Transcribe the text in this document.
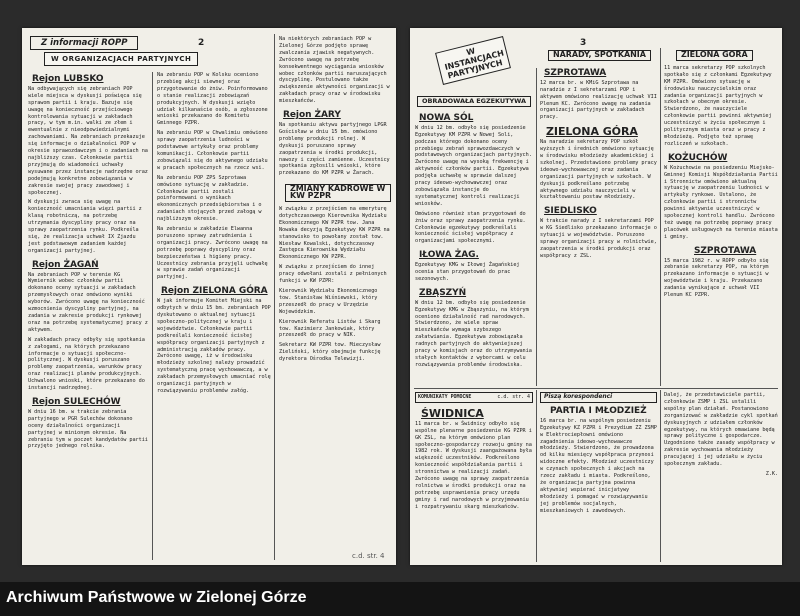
Z informacji ROPP	2
W ORGANIZACJACH PARTYJNYCH
Rejon LUBSKO

Na odbywających się zebraniach POP wiele miejsca w dyskusji poświęca się sprawom partii i kraju. Bazuje się uwagę na konieczność przejściowego kontrolowania sytuacji w zakładach pracy, w tym m.in. walki ze złem i ewentualnie z nieodpowiedzialnymi zachowaniami. Na zebraniach przekazuje się informacje o działalności POP w okresie sprawozdawczym i o zadaniach na najbliższy czas. Członkowie partii przyjmują do wiadomości uchwały wysuwane przez instancje nadrzędne oraz podejmują konkretne zobowiązania w zakresie swojej pracy zawodowej i społecznej.

W dyskusji zwraca się uwagę na konieczność umacniania więzi partii z klasą robotniczą, na potrzebę utrzymania dyscypliny pracy oraz na sprawy zaopatrzenia rynku. Podkreśla się, że realizacja uchwał IX Zjazdu jest podstawowym zadaniem każdej organizacji partyjnej.

Rejon ŻAGAŃ

Na zebraniach POP w terenie KG Wymiernik wobec członków partii dokonano oceny sytuacji w zakładach przemysłowych oraz omówiono wyniki wyborów. Zwrócono uwagę na konieczność wzmocnienia dyscypliny partyjnej, na zadania w zakresie produkcji rynkowej oraz na potrzebę systematycznej pracy z aktywem.

W zakładach pracy odbyły się spotkania z załogami, na których przekazano informacje o sytuacji społeczno-politycznej. W dyskusji poruszano problemy zaopatrzenia, warunków pracy oraz realizacji planów produkcyjnych. Uchwalono wnioski, które przekazano do instancji nadrzędnej.

Rejon SULECHÓW

W dniu 16 bm. w trakcie zebrania partyjnego w PGR Sulechów dokonano oceny działalności organizacji partyjnej w minionym okresie. Na zebraniu tym w poczet kandydatów partii przyjęto jednego rolnika.

Na zebraniu POP w Kolsku oceniono przebieg akcji siewnej oraz przygotowanie do żniw. Poinformowano o stanie realizacji zobowiązań produkcyjnych. W dyskusji wzięło udział kilkanaście osób, a zgłoszone wnioski przekazano do Komitetu Gminnego PZPR.

Na zebraniu POP w Chwalimiu omówiono sprawy zaopatrzenia ludności w podstawowe artykuły oraz problemy komunikacji. Członkowie partii zobowiązali się do aktywnego udziału w pracach społecznych na rzecz wsi.

Na zebraniu POP ZPS Szprotawa omówiono sytuację w zakładzie. Członkowie partii zostali poinformowani o wynikach ekonomicznych przedsiębiorstwa i o zadaniach stojących przed załogą w najbliższym okresie.

Na zebraniu w zakładzie Elwanna poruszono sprawy zatrudnienia i organizacji pracy. Zwrócono uwagę na potrzebę poprawy dyscypliny oraz bezpieczeństwa i higieny pracy. Uczestnicy zebrania przyjęli uchwałę w sprawie zadań organizacji partyjnej.

Rejon ZIELONA GÓRA

W jak informuje Komitet Miejski na odbytych w dniu 15 bm. zebraniach POP dyskutowano o aktualnej sytuacji społeczno-politycznej w kraju i województwie. Członkowie partii podkreślali konieczność ścisłej współpracy organizacji partyjnych z administracją zakładów pracy. Zwrócono uwagę, iż w środowisku młodzieży szkolnej należy prowadzić systematyczną pracę wychowawczą, a w zakładach przemysłowych umacniać rolę organizacji partyjnych w rozwiązywaniu problemów załóg.

Na niektórych zebraniach POP w Zielonej Górze podjęto sprawę zwalczania zjawisk negatywnych. Zwrócono uwagę na potrzebę konsekwentnego wyciągania wniosków wobec członków partii naruszających dyscyplinę. Postulowano także zwiększenie aktywności organizacji w zakładach pracy oraz w środowisku mieszkańców.

Rejon ŻARY

Na spotkaniu aktywu partyjnego LPGR Gościsław w dniu 15 bm. omówiono problemy produkcji rolnej. W dyskusji poruszano sprawy zaopatrzenia w środki produkcji, nawozy i części zamienne. Uczestnicy spotkania zgłosili wnioski, które przekazano do KM PZPR w Żarach.

ZMIANY KADROWE W KW PZPR

W związku z przejściem na emeryturę dotychczasowego Kierownika Wydziału Ekonomicznego KW PZPR tow. Jana Nowaka decyzją Egzekutywy KW PZPR na stanowisko to powołany został tow. Wiesław Kowalski, dotychczasowy Zastępca Kierownika Wydziału Ekonomicznego KW PZPR.

W związku z przejściem do innej pracy odwołani zostali z pełnionych funkcji w KW PZPR:

Kierownik Wydziału Ekonomicznego tow. Stanisław Wiśniewski, który przeszedł do pracy w Urzędzie Wojewódzkim.

Kierownik Referatu Listów i Skarg tow. Kazimierz Jankowiak, który przeszedł do pracy w NIK.

Sekretarz KW PZPR tow. Mieczysław Zieliński, który obejmuje funkcję dyrektora Ośrodka Telewizji.

c.d. str. 4
W INSTANCJACH PARTYJNYCH
3
OBRADOWAŁA EGZEKUTYWA NOWA SÓL

W dniu 12 bm. odbyło się posiedzenie Egzekutywy KM PZPR w Nowej Soli, podczas którego dokonano oceny przebiegu zebrań sprawozdawczych w podstawowych organizacjach partyjnych. Zwrócono uwagę na wysoką frekwencję i aktywność członków partii. Egzekutywa podjęła uchwałę w sprawie dalszej pracy ideowo-wychowawczej oraz zobowiązała instancje do systematycznej kontroli realizacji wniosków.

Omówiono również stan przygotowań do żniw oraz sprawy zaopatrzenia rynku. Członkowie egzekutywy podkreślali konieczność ścisłej współpracy z organizacjami społecznymi.

IŁOWA ŻAG.

Egzekutywy KMG w Iłowej Żagańskiej ocenia stan przygotowań do prac sezonowych.

ZBĄSZYŃ

W dniu 12 bm. odbyło się posiedzenie Egzekutywy KMG w Zbąszyniu, na którym oceniono działalność rad narodowych. Stwierdzono, że wiele spraw mieszkańców wymaga szybszego załatwiania. Egzekutywa zobowiązała radnych partyjnych do aktywniejszej pracy w komisjach oraz do utrzymywania stałych kontaktów z wyborcami w celu rozwiązywania problemów środowiska.

NARADY, SPOTKANIA SZPROTAWA

12 marca br. w KMiG Szprotawa na naradzie z I sekretarzami POP i aktywem omówiono realizację uchwał VII Plenum KC. Zwrócono uwagę na zadania organizacji partyjnych w zakładach pracy.

ZIELONA GÓRA

Na naradzie sekretarzy POP szkół wyższych i średnich omówiono sytuację w środowisku młodzieży akademickiej i szkolnej. Przedstawiono problemy pracy ideowo-wychowawczej oraz zadania organizacji partyjnych w szkołach. W dyskusji podkreślano potrzebę aktywnego udziału nauczycieli w kształtowaniu postaw młodzieży.

SIEDLISKO

W trakcie narady z I sekretarzami POP w KG Siedlisko przekazano informacje o sytuacji w województwie. Poruszono sprawy organizacji pracy w rolnictwie, zaopatrzenia w środki produkcji oraz współpracy z ZSL.

ZIELONA GÓRA

11 marca sekretarzy POP szkolnych spotkało się z członkami Egzekutywy KM PZPR. Omówiono sytuację w środowisku nauczycielskim oraz zadania organizacji partyjnych w szkołach w obecnym okresie. Stwierdzono, że nauczyciele członkowie partii powinni aktywniej uczestniczyć w życiu społecznym i politycznym miasta oraz w pracy z młodzieżą. Podjęto też sprawę rozliczeń w szkołach.

KOŻUCHÓW

W Kożuchowie na posiedzeniu Miejsko-Gminnej Komisji Współdziałania Partii i Stronnictw omówiono aktualną sytuację w zaopatrzeniu ludności w artykuły rynkowe. Ustalono, że członkowie partii i stronnictw powinni aktywnie uczestniczyć w społecznej kontroli handlu. Zwrócono też uwagę na potrzebę poprawy pracy placówek usługowych na terenie miasta i gminy.

SZPROTAWA

15 marca 1982 r. w ROPP odbyło się zebranie sekretarzy POP, na którym przekazano informacje o sytuacji w województwie i kraju. Przekazano zadania wynikające z uchwał VII Plenum KC PZPR.

KOMUNIKATY POMOCNE	c.d. str. 4
ŚWIDNICA

11 marca br. w Świdnicy odbyło się wspólne plenarne posiedzenie KG PZPR i GK ZSL, na którym omówiono plan społeczno-gospodarczy rozwoju gminy na 1982 rok. W dyskusji zaangażowana była większość uczestników. Podkreślono konieczność współdziałania partii i stronnictwa w realizacji zadań. Zwrócono uwagę na sprawy zaopatrzenia rolnictwa w środki produkcji oraz na potrzebę usprawnienia pracy urzędu gminy i rad narodowych w przyjmowaniu i rozpatrywaniu skarg mieszkańców.

Piszą korespondenci
PARTIA I MŁODZIEŻ

16 marca br. na wspólnym posiedzeniu Egzekutywy KZ PZPR i Prezydium ZZ ZSMP w Elektrociepłowni omówiono zagadnienia ideowo-wychowawcze młodzieży. Stwierdzono, że prowadzona od kilku miesięcy współpraca przynosi widoczne efekty. Młodzież uczestniczy w czynach społecznych i akcjach na rzecz zakładu i miasta. Podkreślono, że organizacja partyjna powinna aktywniej wspierać inicjatywy młodzieży i pomagać w rozwiązywaniu jej problemów socjalnych, mieszkaniowych i zawodowych.

Dalej, że przedstawiciele partii, członkowie ZSMP i ZSL ustalili wspólny plan działań. Postanowiono zorganizować w zakładzie cykl spotkań dyskusyjnych z udziałem członków egzekutywy, na których omawiane będą sprawy polityczne i gospodarcze. Uzgodniono także zasady współpracy w zakresie wychowania młodzieży pracującej i jej udziału w życiu społecznym zakładu.

Z.K.

Archiwum Państwowe w Zielonej Górze
